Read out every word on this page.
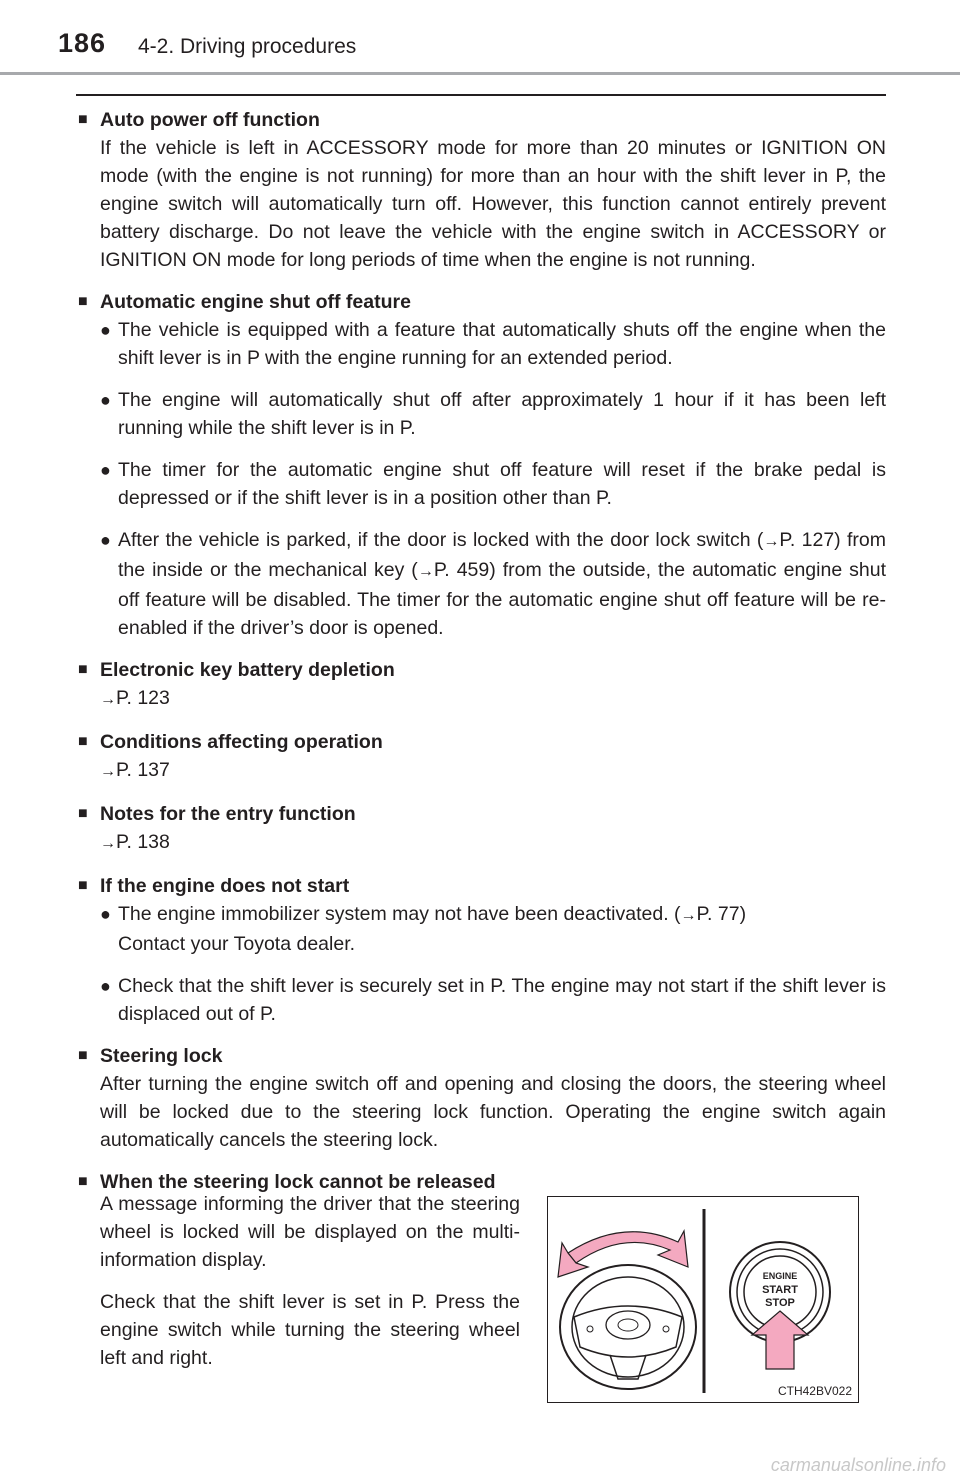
186 4-2. Driving procedures
■ Auto power off function

If the vehicle is left in ACCESSORY mode for more than 20 minutes or IGNITION ON mode (with the engine is not running) for more than an hour with the shift lever in P, the engine switch will automatically turn off. However, this function cannot entirely prevent battery discharge. Do not leave the vehicle with the engine switch in ACCESSORY or IGNITION ON mode for long periods of time when the engine is not running.

■ Automatic engine shut off feature
● The vehicle is equipped with a feature that automatically shuts off the engine when the shift lever is in P with the engine running for an extended period.
● The engine will automatically shut off after approximately 1 hour if it has been left running while the shift lever is in P.
● The timer for the automatic engine shut off feature will reset if the brake pedal is depressed or if the shift lever is in a position other than P.
● After the vehicle is parked, if the door is locked with the door lock switch (→P. 127) from the inside or the mechanical key (→P. 459) from the outside, the automatic engine shut off feature will be disabled. The timer for the automatic engine shut off feature will be re-enabled if the driver’s door is opened.
■ Electronic key battery depletion

→P. 123

■ Conditions affecting operation

→P. 137

■ Notes for the entry function

→P. 138

■ If the engine does not start
● The engine immobilizer system may not have been deactivated. (→P. 77)
Contact your Toyota dealer.
● Check that the shift lever is securely set in P. The engine may not start if the shift lever is displaced out of P.
■ Steering lock

After turning the engine switch off and opening and closing the doors, the steering wheel will be locked due to the steering lock function. Operating the engine switch again automatically cancels the steering lock.

■ When the steering lock cannot be released

A message informing the driver that the steering wheel is locked will be displayed on the multi-information display.

Check that the shift lever is set in P. Press the engine switch while turning the steering wheel left and right.

ENGINE
START
STOP
CTH42BV022
carmanualsonline.info
